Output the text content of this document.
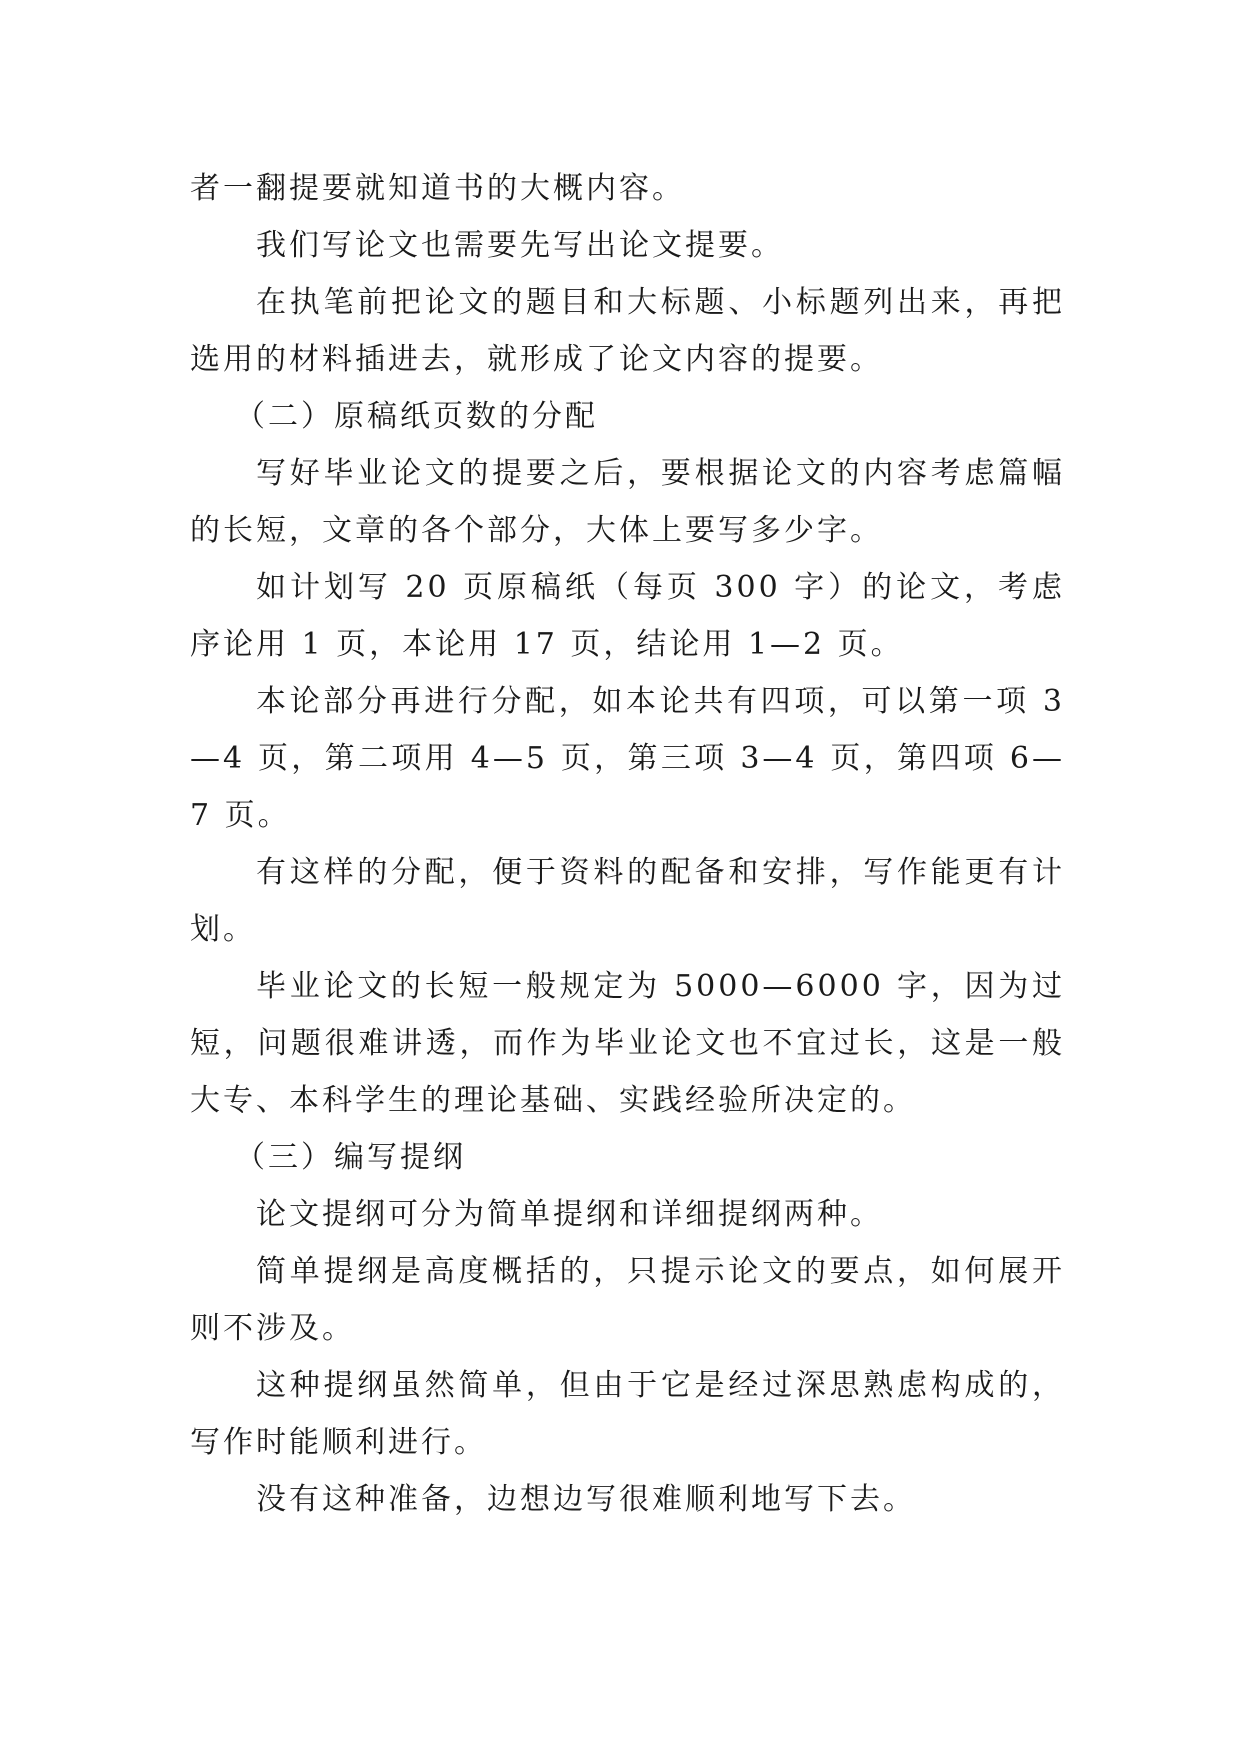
者一翻提要就知道书的大概内容。

我们写论文也需要先写出论文提要。

在执笔前把论文的题目和大标题、小标题列出来，再把选用的材料插进去，就形成了论文内容的提要。

（二）原稿纸页数的分配

写好毕业论文的提要之后，要根据论文的内容考虑篇幅的长短，文章的各个部分，大体上要写多少字。

如计划写 20 页原稿纸（每页 300 字）的论文，考虑序论用 1 页，本论用 17 页，结论用 1—2 页。

本论部分再进行分配，如本论共有四项，可以第一项 3—4 页，第二项用 4—5 页，第三项 3—4 页，第四项 6—7 页。

有这样的分配，便于资料的配备和安排，写作能更有计划。

毕业论文的长短一般规定为 5000—6000 字，因为过短，问题很难讲透，而作为毕业论文也不宜过长，这是一般大专、本科学生的理论基础、实践经验所决定的。

（三）编写提纲

论文提纲可分为简单提纲和详细提纲两种。

简单提纲是高度概括的，只提示论文的要点，如何展开则不涉及。

这种提纲虽然简单，但由于它是经过深思熟虑构成的，写作时能顺利进行。

没有这种准备，边想边写很难顺利地写下去。
